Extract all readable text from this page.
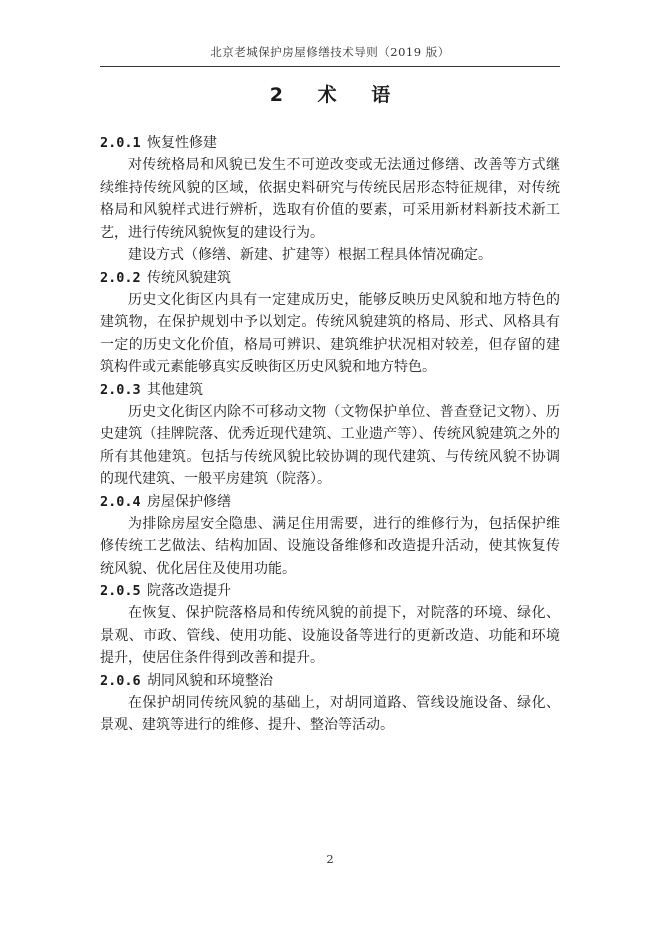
北京老城保护房屋修缮技术导则（2019 版）
2 术 语
2.0.1 恢复性修建

对传统格局和风貌已发生不可逆改变或无法通过修缮、改善等方式继续维持传统风貌的区域，依据史料研究与传统民居形态特征规律，对传统格局和风貌样式进行辨析，选取有价值的要素，可采用新材料新技术新工艺，进行传统风貌恢复的建设行为。

建设方式（修缮、新建、扩建等）根据工程具体情况确定。

2.0.2 传统风貌建筑

历史文化街区内具有一定建成历史，能够反映历史风貌和地方特色的建筑物，在保护规划中予以划定。传统风貌建筑的格局、形式、风格具有一定的历史文化价值，格局可辨识、建筑维护状况相对较差，但存留的建筑构件或元素能够真实反映街区历史风貌和地方特色。

2.0.3 其他建筑

历史文化街区内除不可移动文物（文物保护单位、普查登记文物）、历史建筑（挂牌院落、优秀近现代建筑、工业遗产等）、传统风貌建筑之外的所有其他建筑。包括与传统风貌比较协调的现代建筑、与传统风貌不协调的现代建筑、一般平房建筑（院落）。

2.0.4 房屋保护修缮

为排除房屋安全隐患、满足住用需要，进行的维修行为，包括保护维修传统工艺做法、结构加固、设施设备维修和改造提升活动，使其恢复传统风貌、优化居住及使用功能。

2.0.5 院落改造提升

在恢复、保护院落格局和传统风貌的前提下，对院落的环境、绿化、景观、市政、管线、使用功能、设施设备等进行的更新改造、功能和环境提升，使居住条件得到改善和提升。

2.0.6 胡同风貌和环境整治

在保护胡同传统风貌的基础上，对胡同道路、管线设施设备、绿化、景观、建筑等进行的维修、提升、整治等活动。

2
